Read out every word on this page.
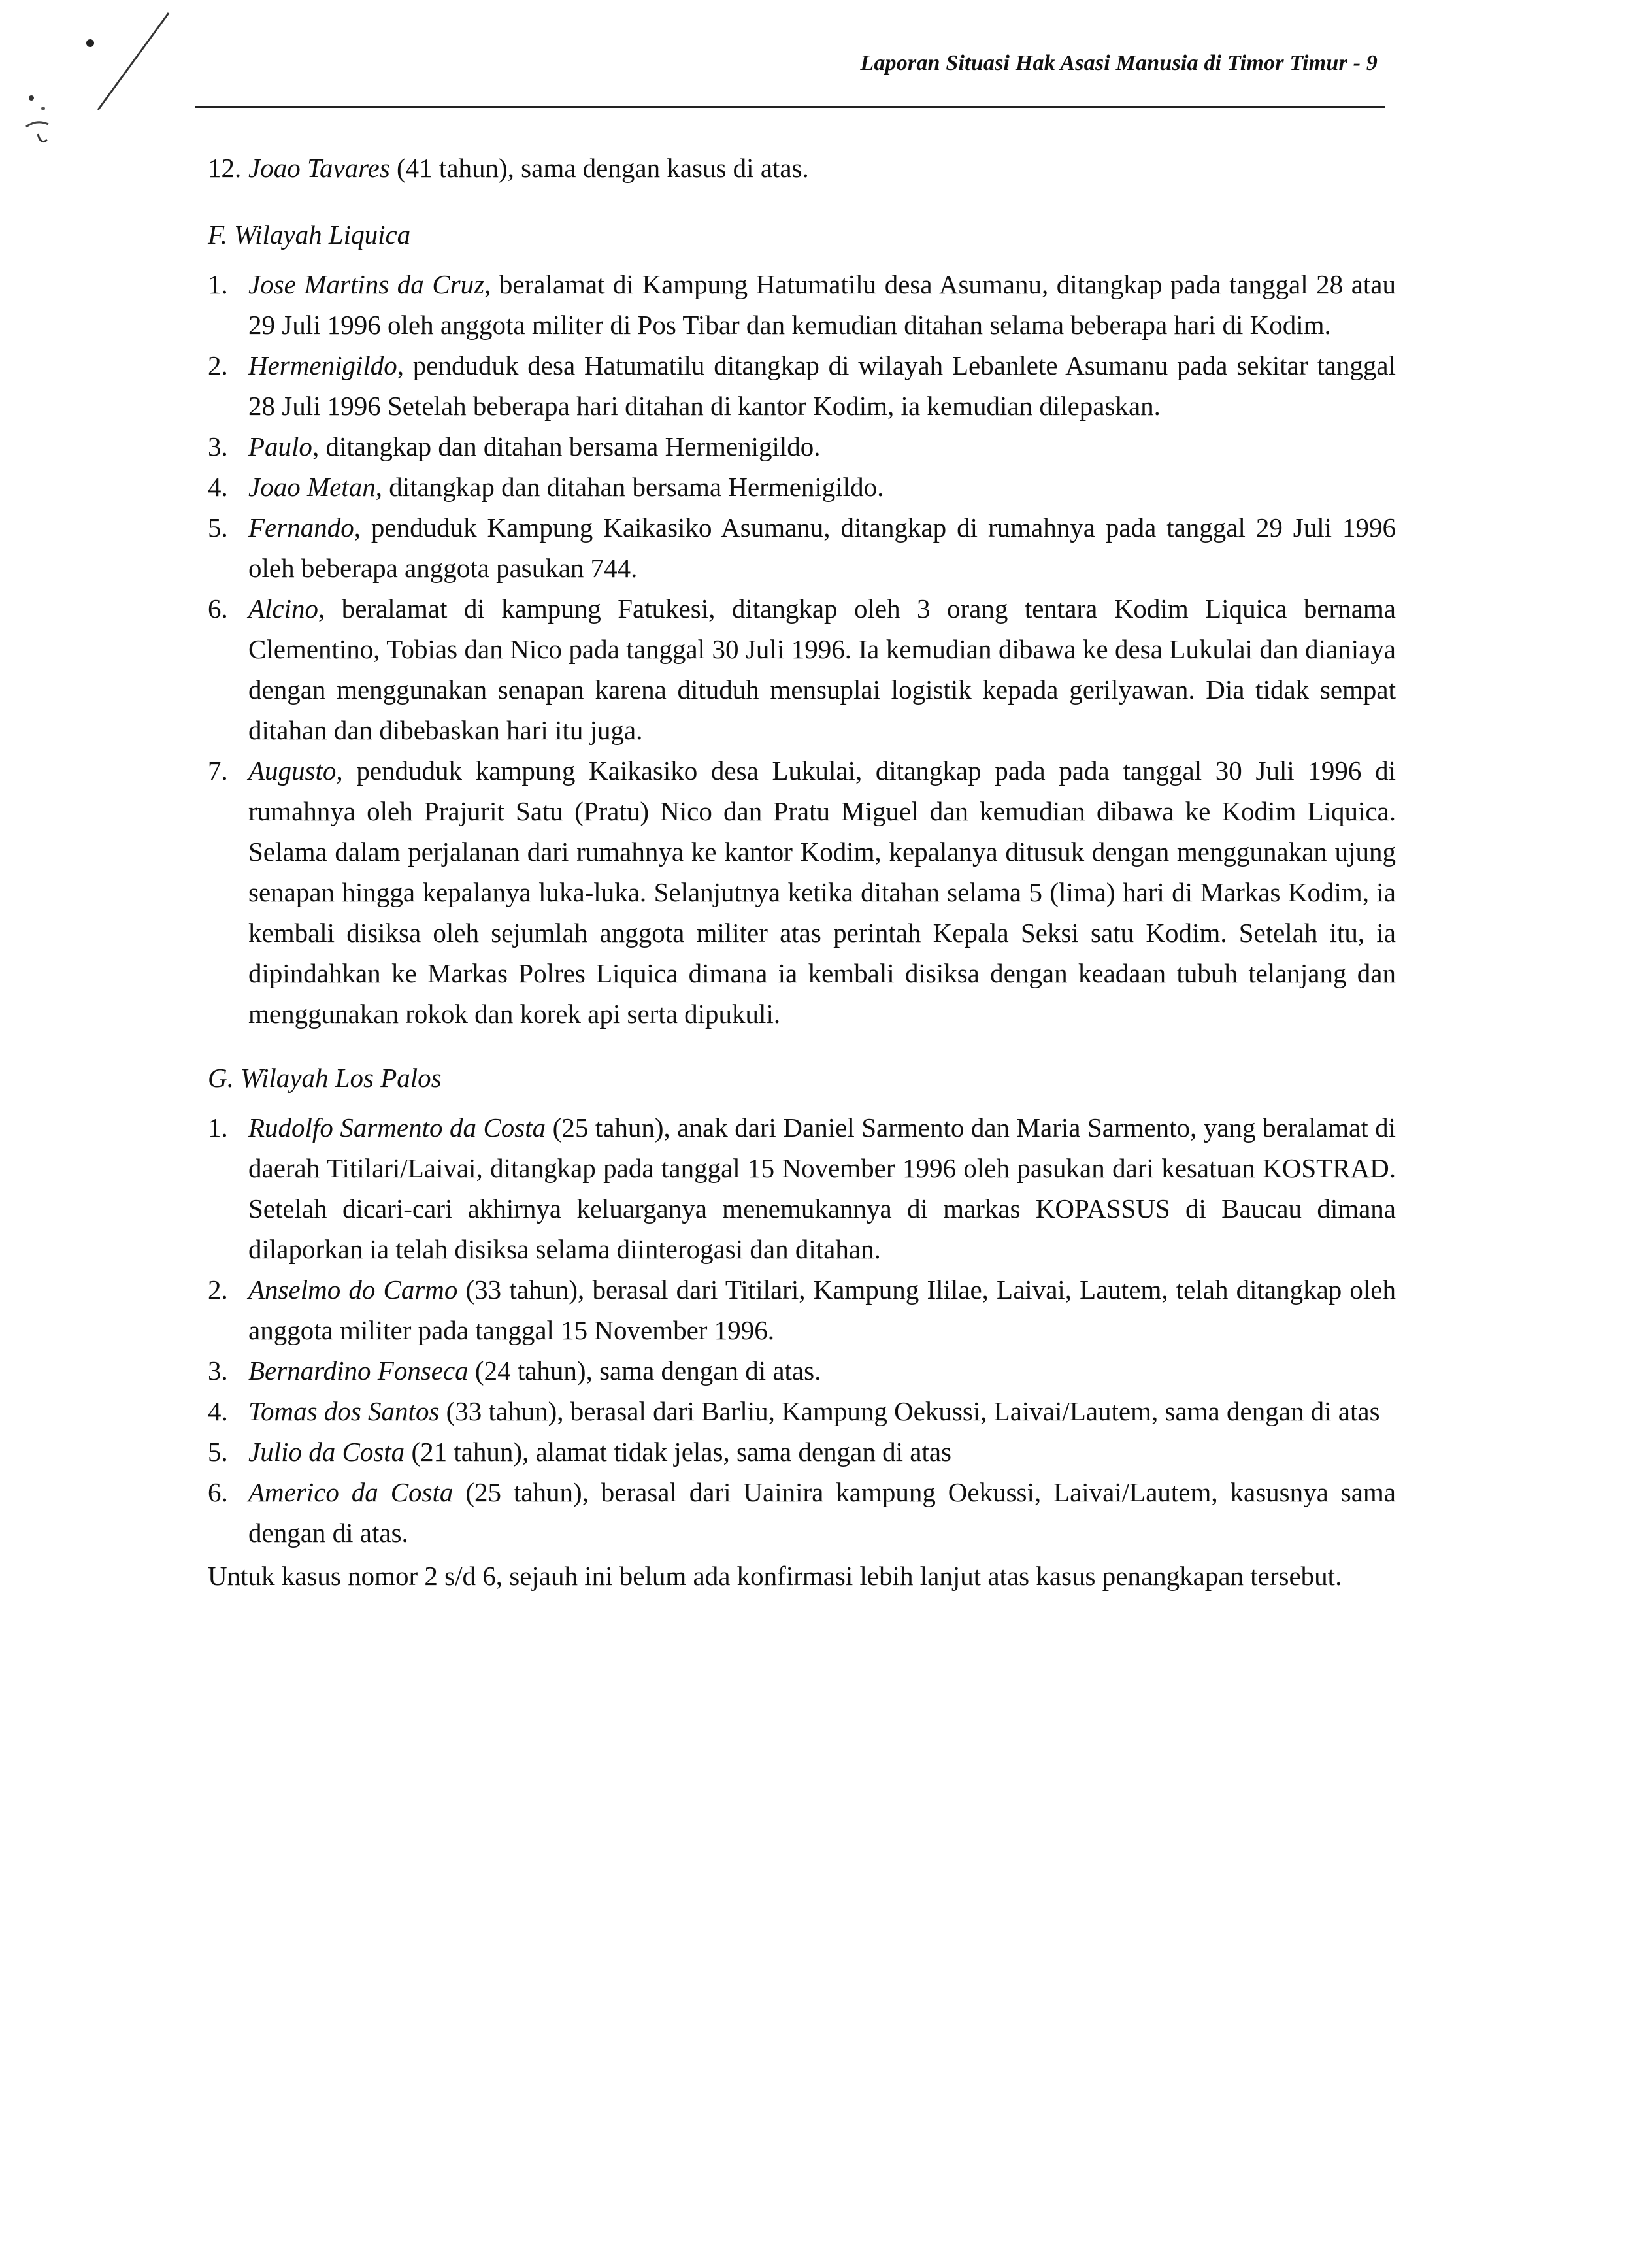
Laporan Situasi Hak Asasi Manusia di Timor Timur - 9
12. Joao Tavares (41 tahun), sama dengan kasus di atas.
F. Wilayah Liquica
1. Jose Martins da Cruz, beralamat di Kampung Hatumatilu desa Asumanu, ditangkap pada tanggal 28 atau 29 Juli 1996 oleh anggota militer di Pos Tibar dan kemudian ditahan selama beberapa hari di Kodim.
2. Hermenigildo, penduduk desa Hatumatilu ditangkap di wilayah Lebanlete Asumanu pada sekitar tanggal 28 Juli 1996 Setelah beberapa hari ditahan di kantor Kodim, ia kemudian dilepaskan.
3. Paulo, ditangkap dan ditahan bersama Hermenigildo.
4. Joao Metan, ditangkap dan ditahan bersama Hermenigildo.
5. Fernando, penduduk Kampung Kaikasiko Asumanu, ditangkap di rumahnya pada tanggal 29 Juli 1996 oleh beberapa anggota pasukan 744.
6. Alcino, beralamat di kampung Fatukesi, ditangkap oleh 3 orang tentara Kodim Liquica bernama Clementino, Tobias dan Nico pada tanggal 30 Juli 1996. Ia kemudian dibawa ke desa Lukulai dan dianiaya dengan menggunakan senapan karena dituduh mensuplai logistik kepada gerilyawan. Dia tidak sempat ditahan dan dibebaskan hari itu juga.
7. Augusto, penduduk kampung Kaikasiko desa Lukulai, ditangkap pada pada tanggal 30 Juli 1996 di rumahnya oleh Prajurit Satu (Pratu) Nico dan Pratu Miguel dan kemudian dibawa ke Kodim Liquica. Selama dalam perjalanan dari rumahnya ke kantor Kodim, kepalanya ditusuk dengan menggunakan ujung senapan hingga kepalanya luka-luka. Selanjutnya ketika ditahan selama 5 (lima) hari di Markas Kodim, ia kembali disiksa oleh sejumlah anggota militer atas perintah Kepala Seksi satu Kodim. Setelah itu, ia dipindahkan ke Markas Polres Liquica dimana ia kembali disiksa dengan keadaan tubuh telanjang dan menggunakan rokok dan korek api serta dipukuli.
G. Wilayah Los Palos
1. Rudolfo Sarmento da Costa (25 tahun), anak dari Daniel Sarmento dan Maria Sarmento, yang beralamat di daerah Titilari/Laivai, ditangkap pada tanggal 15 November 1996 oleh pasukan dari kesatuan KOSTRAD. Setelah dicari-cari akhirnya keluarganya menemukannya di markas KOPASSUS di Baucau dimana dilaporkan ia telah disiksa selama diinterogasi dan ditahan.
2. Anselmo do Carmo (33 tahun), berasal dari Titilari, Kampung Ililae, Laivai, Lautem, telah ditangkap oleh anggota militer pada tanggal 15 November 1996.
3. Bernardino Fonseca (24 tahun), sama dengan di atas.
4. Tomas dos Santos (33 tahun), berasal dari Barliu, Kampung Oekussi, Laivai/Lautem, sama dengan di atas
5. Julio da Costa (21 tahun), alamat tidak jelas, sama dengan di atas
6. Americo da Costa (25 tahun), berasal dari Uainira kampung Oekussi, Laivai/Lautem, kasusnya sama dengan di atas.
Untuk kasus nomor 2 s/d 6, sejauh ini belum ada konfirmasi lebih lanjut atas kasus penangkapan tersebut.
